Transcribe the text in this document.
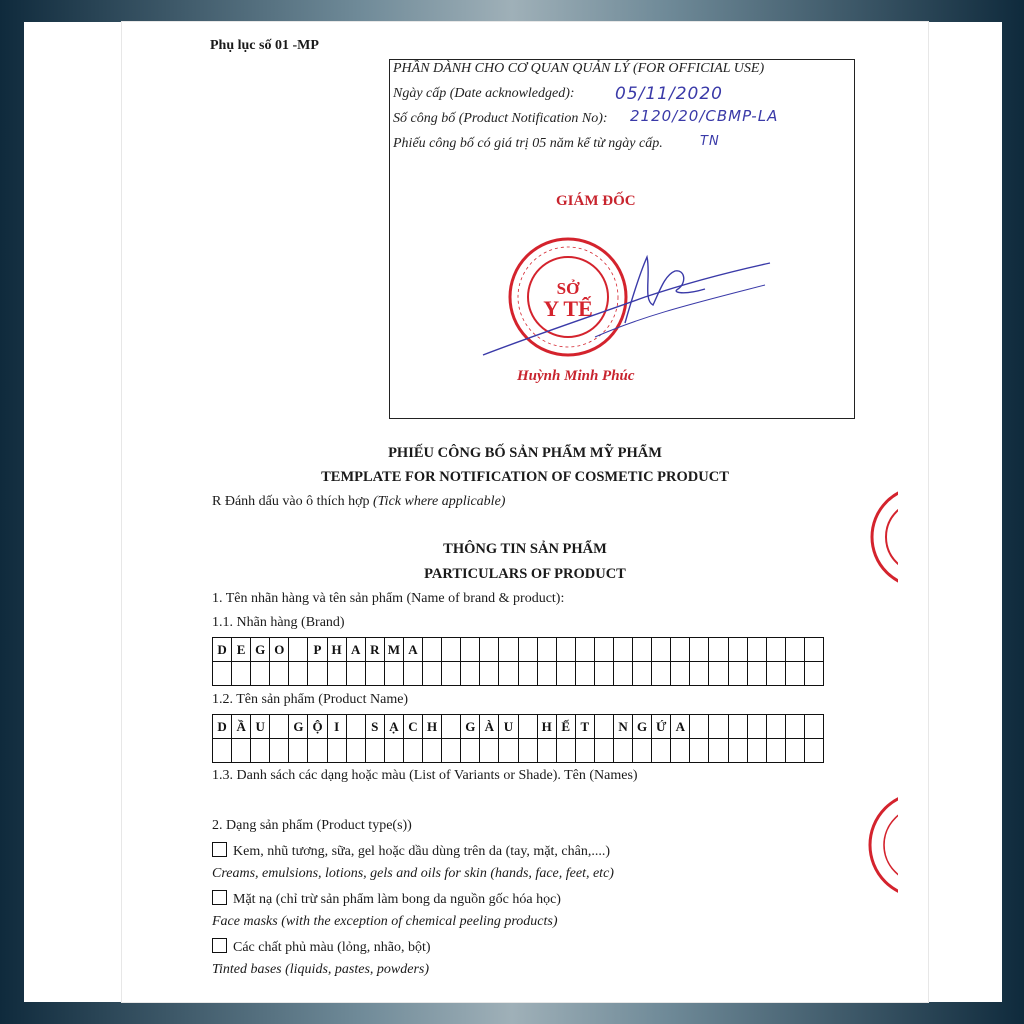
Phụ lục số 01 -MP
PHẦN DÀNH CHO CƠ QUAN QUẢN LÝ (FOR OFFICIAL USE)
Ngày cấp (Date acknowledged): 05/11/2020
Số công bố (Product Notification No): 2120/20/CBMP-LA
Phiếu công bố có giá trị 05 năm kể từ ngày cấp.	TN
GIÁM ĐỐC
SỞ
Y TẾ
Huỳnh Minh Phúc
PHIẾU CÔNG BỐ SẢN PHẨM MỸ PHẨM
TEMPLATE FOR NOTIFICATION OF COSMETIC PRODUCT
R Đánh dấu vào ô thích hợp (Tick where applicable)
THÔNG TIN SẢN PHẨM
PARTICULARS OF PRODUCT
1. Tên nhãn hàng và tên sản phẩm (Name of brand & product):
1.1. Nhãn hàng (Brand)
D	E	G	O		P	H	A	R	M	A																					

1.2. Tên sản phẩm (Product Name)
D	Ầ	U		G	Ộ	I		S	Ạ	C	H		G	À	U		H	Ế	T		N	G	Ứ	A							

1.3. Danh sách các dạng hoặc màu (List of Variants or Shade). Tên (Names)
2. Dạng sản phẩm (Product type(s))
Kem, nhũ tương, sữa, gel hoặc dầu dùng trên da (tay, mặt, chân,....)
Creams, emulsions, lotions, gels and oils for skin (hands, face, feet, etc)
Mặt nạ (chỉ trừ sản phẩm làm bong da nguồn gốc hóa học)
Face masks (with the exception of chemical peeling products)
Các chất phủ màu (lỏng, nhão, bột)
Tinted bases (liquids, pastes, powders)
